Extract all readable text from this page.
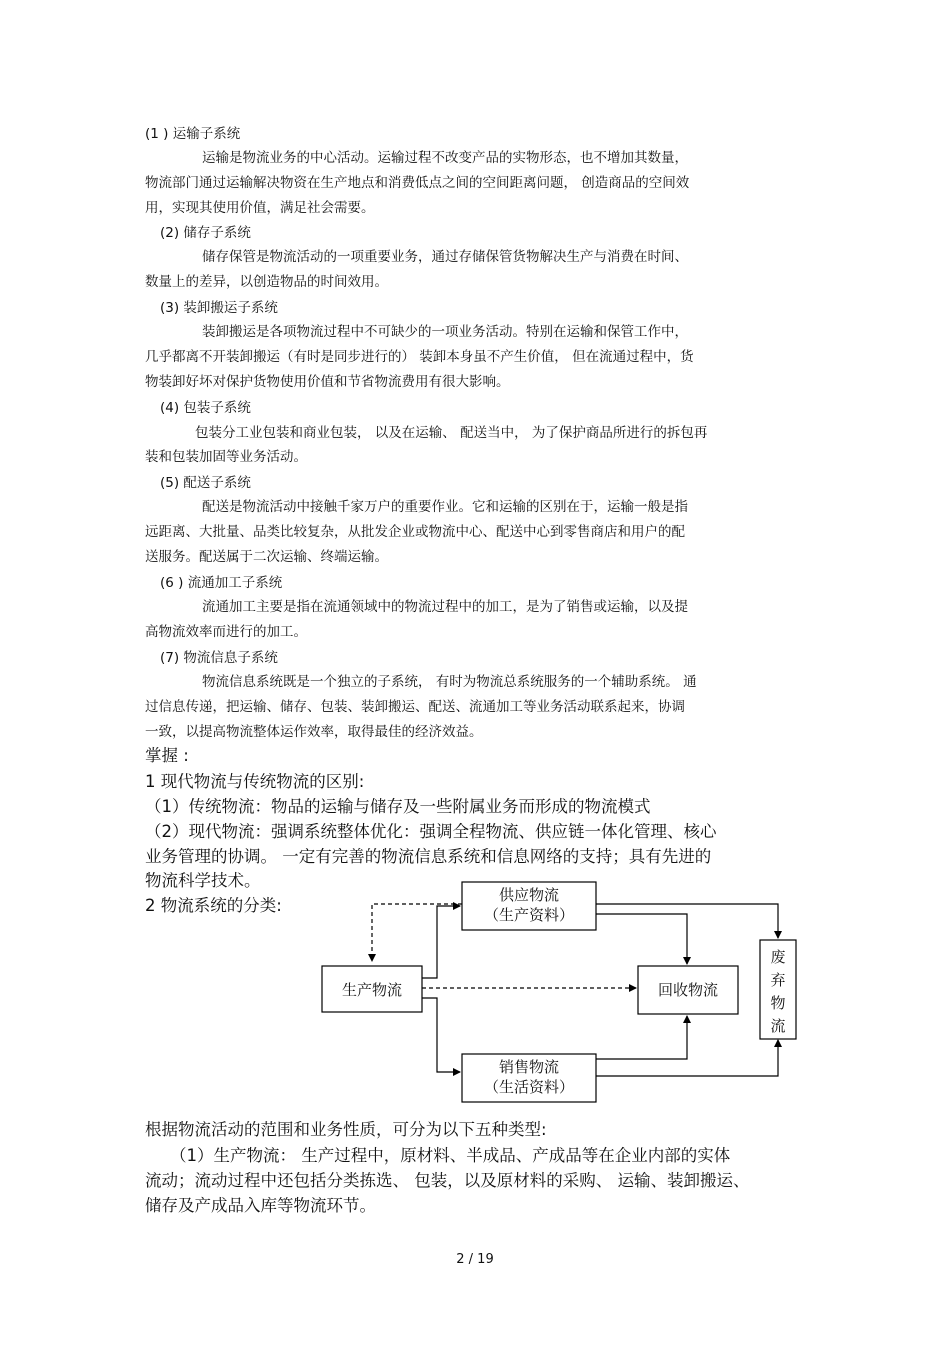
(1 ) 运输子系统
运输是物流业务的中心活动。运输过程不改变产品的实物形态，也不增加其数量，
物流部门通过运输解决物资在生产地点和消费低点之间的空间距离问题， 创造商品的空间效
用，实现其使用价值，满足社会需要。
(2) 储存子系统
储存保管是物流活动的一项重要业务，通过存储保管货物解决生产与消费在时间、
数量上的差异，以创造物品的时间效用。
(3) 装卸搬运子系统
装卸搬运是各项物流过程中不可缺少的一项业务活动。特别在运输和保管工作中，
几乎都离不开装卸搬运（有时是同步进行的） 装卸本身虽不产生价值， 但在流通过程中，货
物装卸好坏对保护货物使用价值和节省物流费用有很大影响。
(4) 包装子系统
包装分工业包装和商业包装， 以及在运输、 配送当中， 为了保护商品所进行的拆包再
装和包装加固等业务活动。
(5) 配送子系统
配送是物流活动中接触千家万户的重要作业。它和运输的区别在于，运输一般是指
远距离、大批量、品类比较复杂，从批发企业或物流中心、配送中心到零售商店和用户的配
送服务。配送属于二次运输、终端运输。
(6 ) 流通加工子系统
流通加工主要是指在流通领域中的物流过程中的加工，是为了销售或运输，以及提
高物流效率而进行的加工。
(7) 物流信息子系统
物流信息系统既是一个独立的子系统， 有时为物流总系统服务的一个辅助系统。 通
过信息传递，把运输、储存、包装、装卸搬运、配送、流通加工等业务活动联系起来，协调
一致，以提高物流整体运作效率，取得最佳的经济效益。
掌握 :
1 现代物流与传统物流的区别:
（1）传统物流：物品的运输与储存及一些附属业务而形成的物流模式
（2）现代物流：强调系统整体优化：强调全程物流、供应链一体化管理、核心
业务管理的协调。 一定有完善的物流信息系统和信息网络的支持；具有先进的
物流科学技术。
2 物流系统的分类:
供应物流
（生产资料）
生产物流	回收物流
销售物流
（生活资料）
废
弃
物
流
根据物流活动的范围和业务性质，可分为以下五种类型:
（1）生产物流： 生产过程中，原材料、半成品、产成品等在企业内部的实体
流动；流动过程中还包括分类拣选、 包装，以及原材料的采购、 运输、装卸搬运、
储存及产成品入库等物流环节。
2 / 19
